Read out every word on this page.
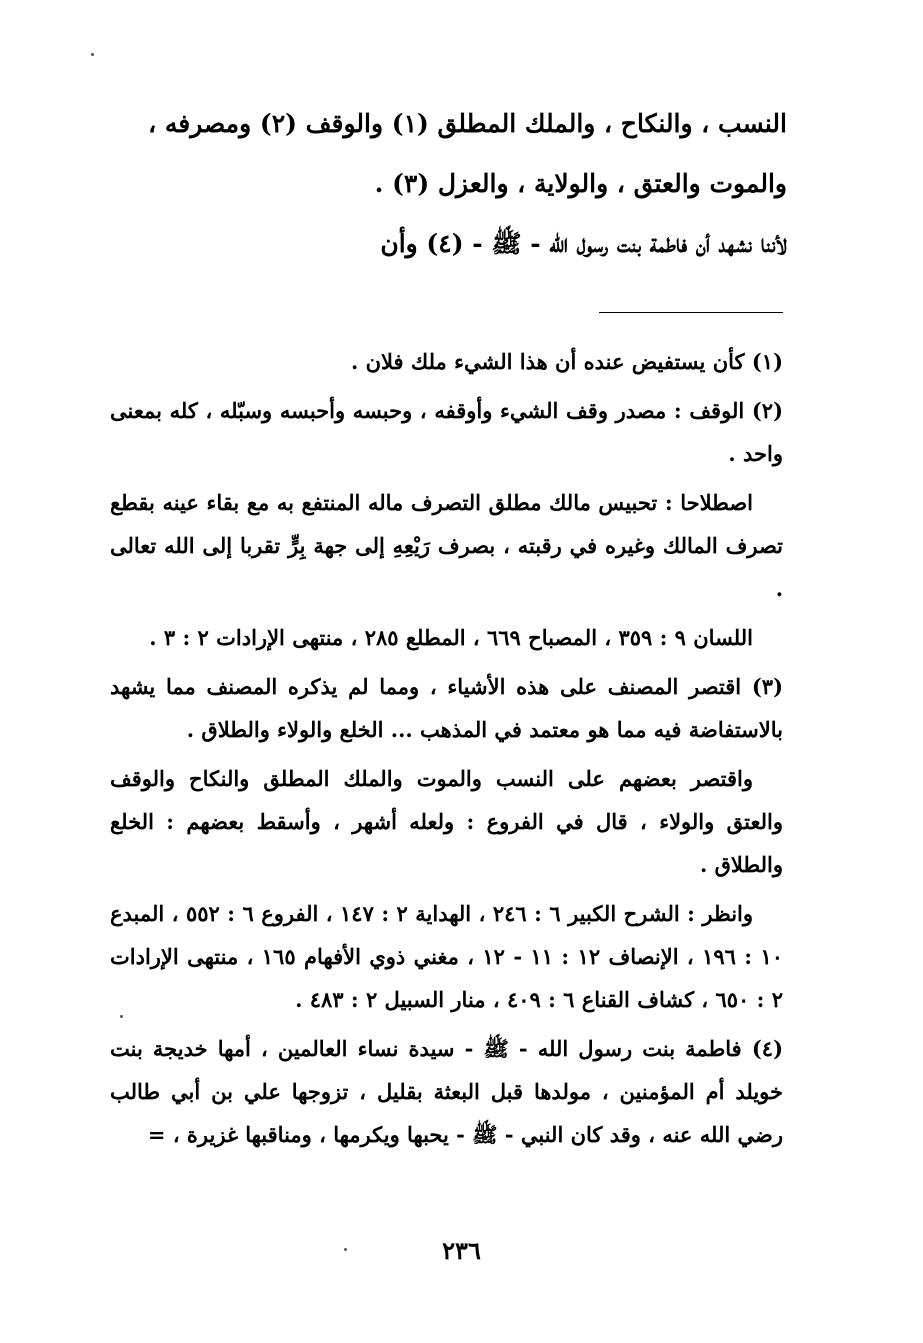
النسب ، والنكاح ، والملك المطلق (١) والوقف (٢) ومصرفه ،

والموت والعتق ، والولاية ، والعزل (٣) .

لأننا نشهد أن فاطمة بنت رسول الله - ﷺ - (٤) وأن

(١) كأن يستفيض عنده أن هذا الشيء ملك فلان .

(٢) الوقف : مصدر وقف الشيء وأوقفه ، وحبسه وأحبسه وسبّله ، كله بمعنى واحد .

اصطلاحا : تحبيس مالك مطلق التصرف ماله المنتفع به مع بقاء عينه بقطع تصرف المالك وغيره في رقبته ، بصرف رَيْعِهِ إلى جهة بِرٍّ تقربا إلى الله تعالى .

اللسان ٩ : ٣٥٩ ، المصباح ٦٦٩ ، المطلع ٢٨٥ ، منتهى الإرادات ٢ : ٣ .

(٣) اقتصر المصنف على هذه الأشياء ، ومما لم يذكره المصنف مما يشهد بالاستفاضة فيه مما هو معتمد في المذهب ... الخلع والولاء والطلاق .

واقتصر بعضهم على النسب والموت والملك المطلق والنكاح والوقف والعتق والولاء ، قال في الفروع : ولعله أشهر ، وأسقط بعضهم : الخلع والطلاق .

وانظر : الشرح الكبير ٦ : ٢٤٦ ، الهداية ٢ : ١٤٧ ، الفروع ٦ : ٥٥٢ ، المبدع ١٠ : ١٩٦ ، الإنصاف ١٢ : ١١ - ١٢ ، مغني ذوي الأفهام ١٦٥ ، منتهى الإرادات ٢ : ٦٥٠ ، كشاف القناع ٦ : ٤٠٩ ، منار السبيل ٢ : ٤٨٣ .

(٤) فاطمة بنت رسول الله - ﷺ - سيدة نساء العالمين ، أمها خديجة بنت خويلد أم المؤمنين ، مولدها قبل البعثة بقليل ، تزوجها علي بن أبي طالب رضي الله عنه ، وقد كان النبي - ﷺ - يحبها ويكرمها ، ومناقبها غزيرة ، =

٢٣٦
